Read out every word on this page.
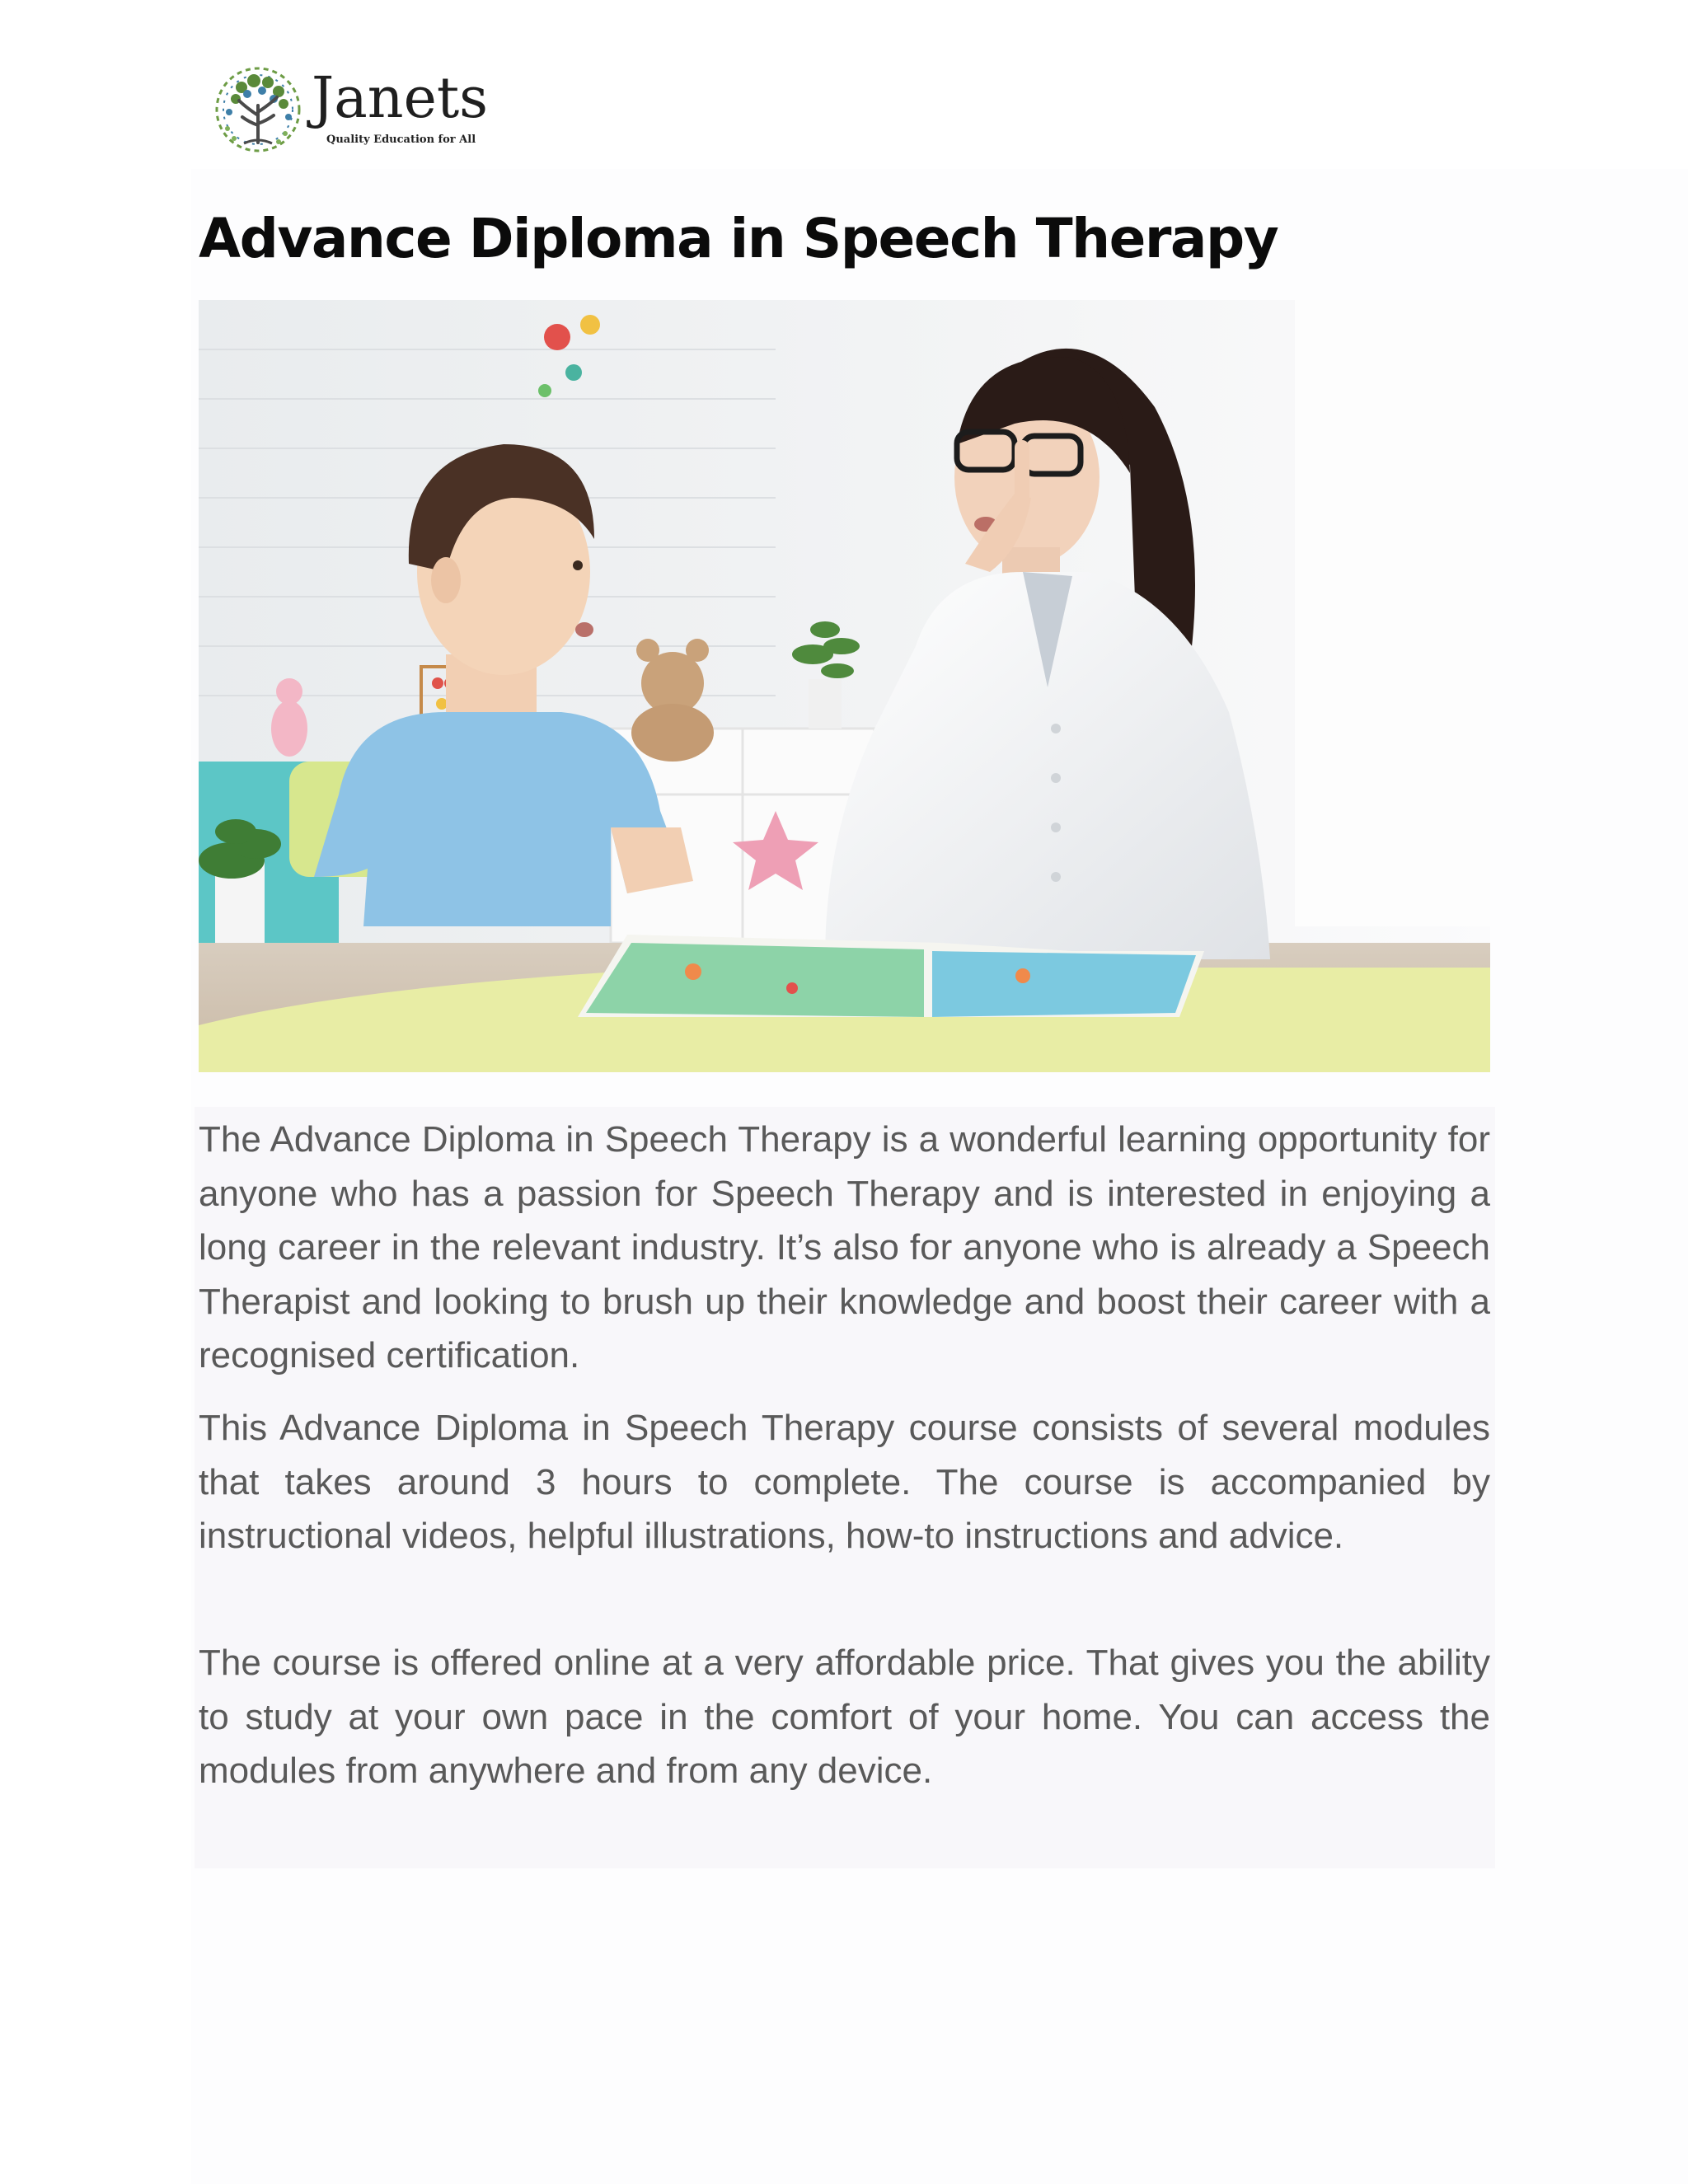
Janets
Quality Education for All
Advance Diploma in Speech Therapy

The Advance Diploma in Speech Therapy is a wonderful learning opportunity for anyone who has a passion for Speech Therapy and is interested in enjoying a long career in the relevant industry. It’s also for anyone who is already a Speech Therapist and looking to brush up their knowledge and boost their career with a recognised certification.

This Advance Diploma in Speech Therapy course consists of several modules that takes around 3 hours to complete. The course is accompanied by instructional videos, helpful illustrations, how-to instructions and advice.

The course is offered online at a very affordable price. That gives you the ability to study at your own pace in the comfort of your home. You can access the modules from anywhere and from any device.
